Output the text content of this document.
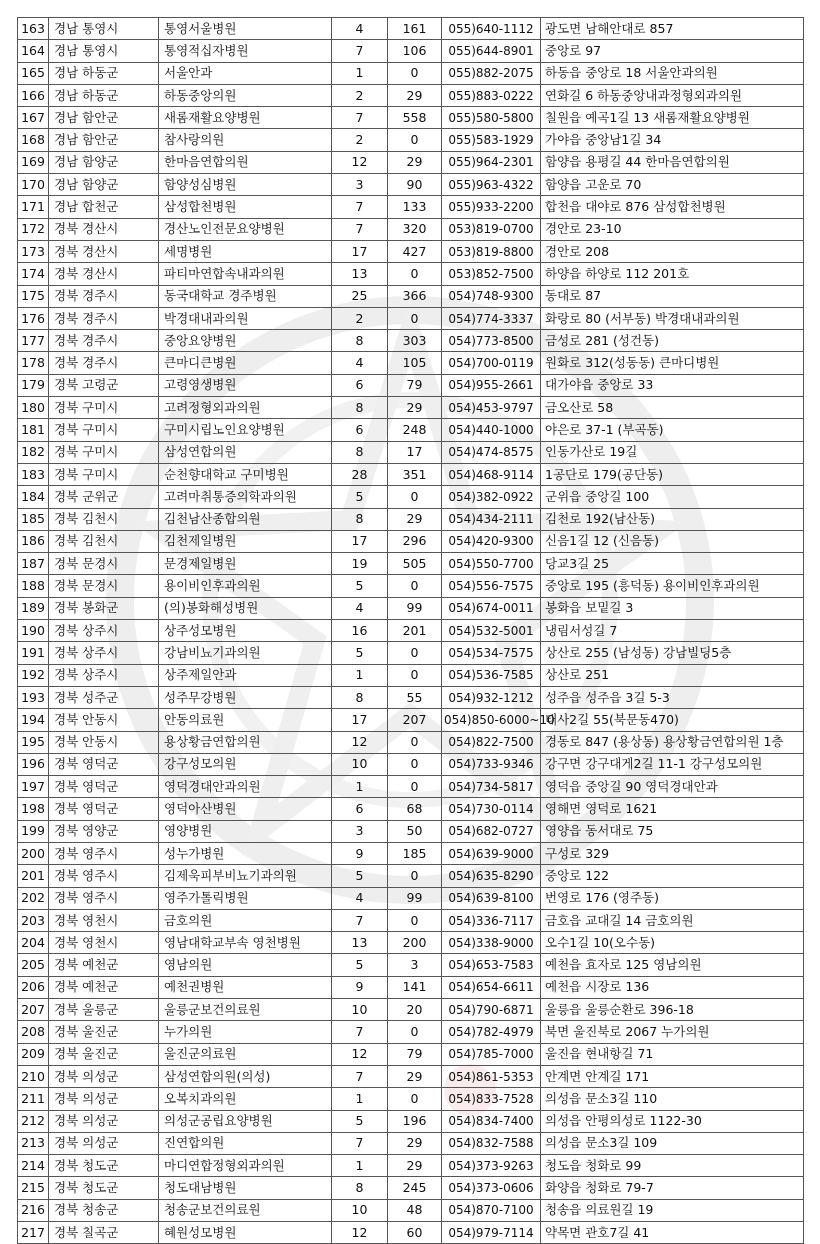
163	경남 통영시	통영서울병원	4	161	055)640-1112	광도면 남해안대로 857
164	경남 통영시	통영적십자병원	7	106	055)644-8901	중앙로 97
165	경남 하동군	서울안과	1	0	055)882-2075	하동읍 중앙로 18 서울안과의원
166	경남 하동군	하동중앙의원	2	29	055)883-0222	연화길 6 하동중앙내과정형외과의원
167	경남 함안군	새롬재활요양병원	7	558	055)580-5800	칠원읍 예곡1길 13 새롬재활요양병원
168	경남 함안군	참사랑의원	2	0	055)583-1929	가야읍 중앙남1길 34
169	경남 함양군	한마음연합의원	12	29	055)964-2301	함양읍 용평길 44 한마음연합의원
170	경남 함양군	함양성심병원	3	90	055)963-4322	함양읍 고운로 70
171	경남 합천군	삼성합천병원	7	133	055)933-2200	합천읍 대야로 876 삼성합천병원
172	경북 경산시	경산노인전문요양병원	7	320	053)819-0700	경안로 23-10
173	경북 경산시	세명병원	17	427	053)819-8800	경안로 208
174	경북 경산시	파티마연합속내과의원	13	0	053)852-7500	하양읍 하양로 112 201호
175	경북 경주시	동국대학교 경주병원	25	366	054)748-9300	동대로 87
176	경북 경주시	박경대내과의원	2	0	054)774-3337	화랑로 80 (서부동) 박경대내과의원
177	경북 경주시	중앙요양병원	8	303	054)773-8500	금성로 281 (성건동)
178	경북 경주시	큰마디큰병원	4	105	054)700-0119	원화로 312(성동동) 큰마디병원
179	경북 고령군	고령영생병원	6	79	054)955-2661	대가야읍 중앙로 33
180	경북 구미시	고려정형외과의원	8	29	054)453-9797	금오산로 58
181	경북 구미시	구미시립노인요양병원	6	248	054)440-1000	야은로 37-1 (부곡동)
182	경북 구미시	삼성연합의원	8	17	054)474-8575	인동가산로 19길
183	경북 구미시	순천향대학교 구미병원	28	351	054)468-9114	1공단로 179(공단동)
184	경북 군위군	고려마취통증의학과의원	5	0	054)382-0922	군위읍 중앙길 100
185	경북 김천시	김천남산종합의원	8	29	054)434-2111	김천로 192(남산동)
186	경북 김천시	김천제일병원	17	296	054)420-9300	신음1길 12 (신음동)
187	경북 문경시	문경제일병원	19	505	054)550-7700	당교3길 25
188	경북 문경시	용이비인후과의원	5	0	054)556-7575	중앙로 195 (흥덕동) 용이비인후과의원
189	경북 봉화군	(의)봉화해성병원	4	99	054)674-0011	봉화읍 보밑길 3
190	경북 상주시	상주성모병원	16	201	054)532-5001	냉림서성길 7
191	경북 상주시	강남비뇨기과의원	5	0	054)534-7575	상산로 255 (남성동) 강남빌딩5층
192	경북 상주시	상주제일안과	1	0	054)536-7585	상산로 251
193	경북 성주군	성주무강병원	8	55	054)932-1212	성주읍 성주읍 3길 5-3
194	경북 안동시	안동의료원	17	207	054)850-6000~10	태사2길 55(북문동470)
195	경북 안동시	용상황금연합의원	12	0	054)822-7500	경동로 847 (용상동) 용상황금연합의원 1층
196	경북 영덕군	강구성모의원	10	0	054)733-9346	강구면 강구대게2길 11-1 강구성모의원
197	경북 영덕군	영덕경대안과의원	1	0	054)734-5817	영덕읍 중앙길 90 영덕경대안과
198	경북 영덕군	영덕아산병원	6	68	054)730-0114	영해면 영덕로 1621
199	경북 영양군	영양병원	3	50	054)682-0727	영양읍 동서대로 75
200	경북 영주시	성누가병원	9	185	054)639-9000	구성로 329
201	경북 영주시	김제욱피부비뇨기과의원	5	0	054)635-8290	중앙로 122
202	경북 영주시	영주가톨릭병원	4	99	054)639-8100	번영로 176 (영주동)
203	경북 영천시	금호의원	7	0	054)336-7117	금호읍 교대길 14 금호의원
204	경북 영천시	영남대학교부속 영천병원	13	200	054)338-9000	오수1길 10(오수동)
205	경북 예천군	영남의원	5	3	054)653-7583	예천읍 효자로 125 영남의원
206	경북 예천군	예천권병원	9	141	054)654-6611	예천읍 시장로 136
207	경북 울릉군	울릉군보건의료원	10	20	054)790-6871	울릉읍 울릉순환로 396-18
208	경북 울진군	누가의원	7	0	054)782-4979	북면 울진북로 2067 누가의원
209	경북 울진군	울진군의료원	12	79	054)785-7000	울진읍 현내항길 71
210	경북 의성군	삼성연합의원(의성)	7	29	054)861-5353	안계면 안계길 171
211	경북 의성군	오복치과의원	1	0	054)833-7528	의성읍 문소3길 110
212	경북 의성군	의성군공립요양병원	5	196	054)834-7400	의성읍 안평의성로 1122-30
213	경북 의성군	진연합의원	7	29	054)832-7588	의성읍 문소3길 109
214	경북 청도군	마디연합정형외과의원	1	29	054)373-9263	청도읍 청화로 99
215	경북 청도군	청도대남병원	8	245	054)373-0606	화양읍 청화로 79-7
216	경북 청송군	청송군보건의료원	10	48	054)870-7100	청송읍 의료원길 19
217	경북 칠곡군	혜원성모병원	12	60	054)979-7114	약목면 관호7길 41
